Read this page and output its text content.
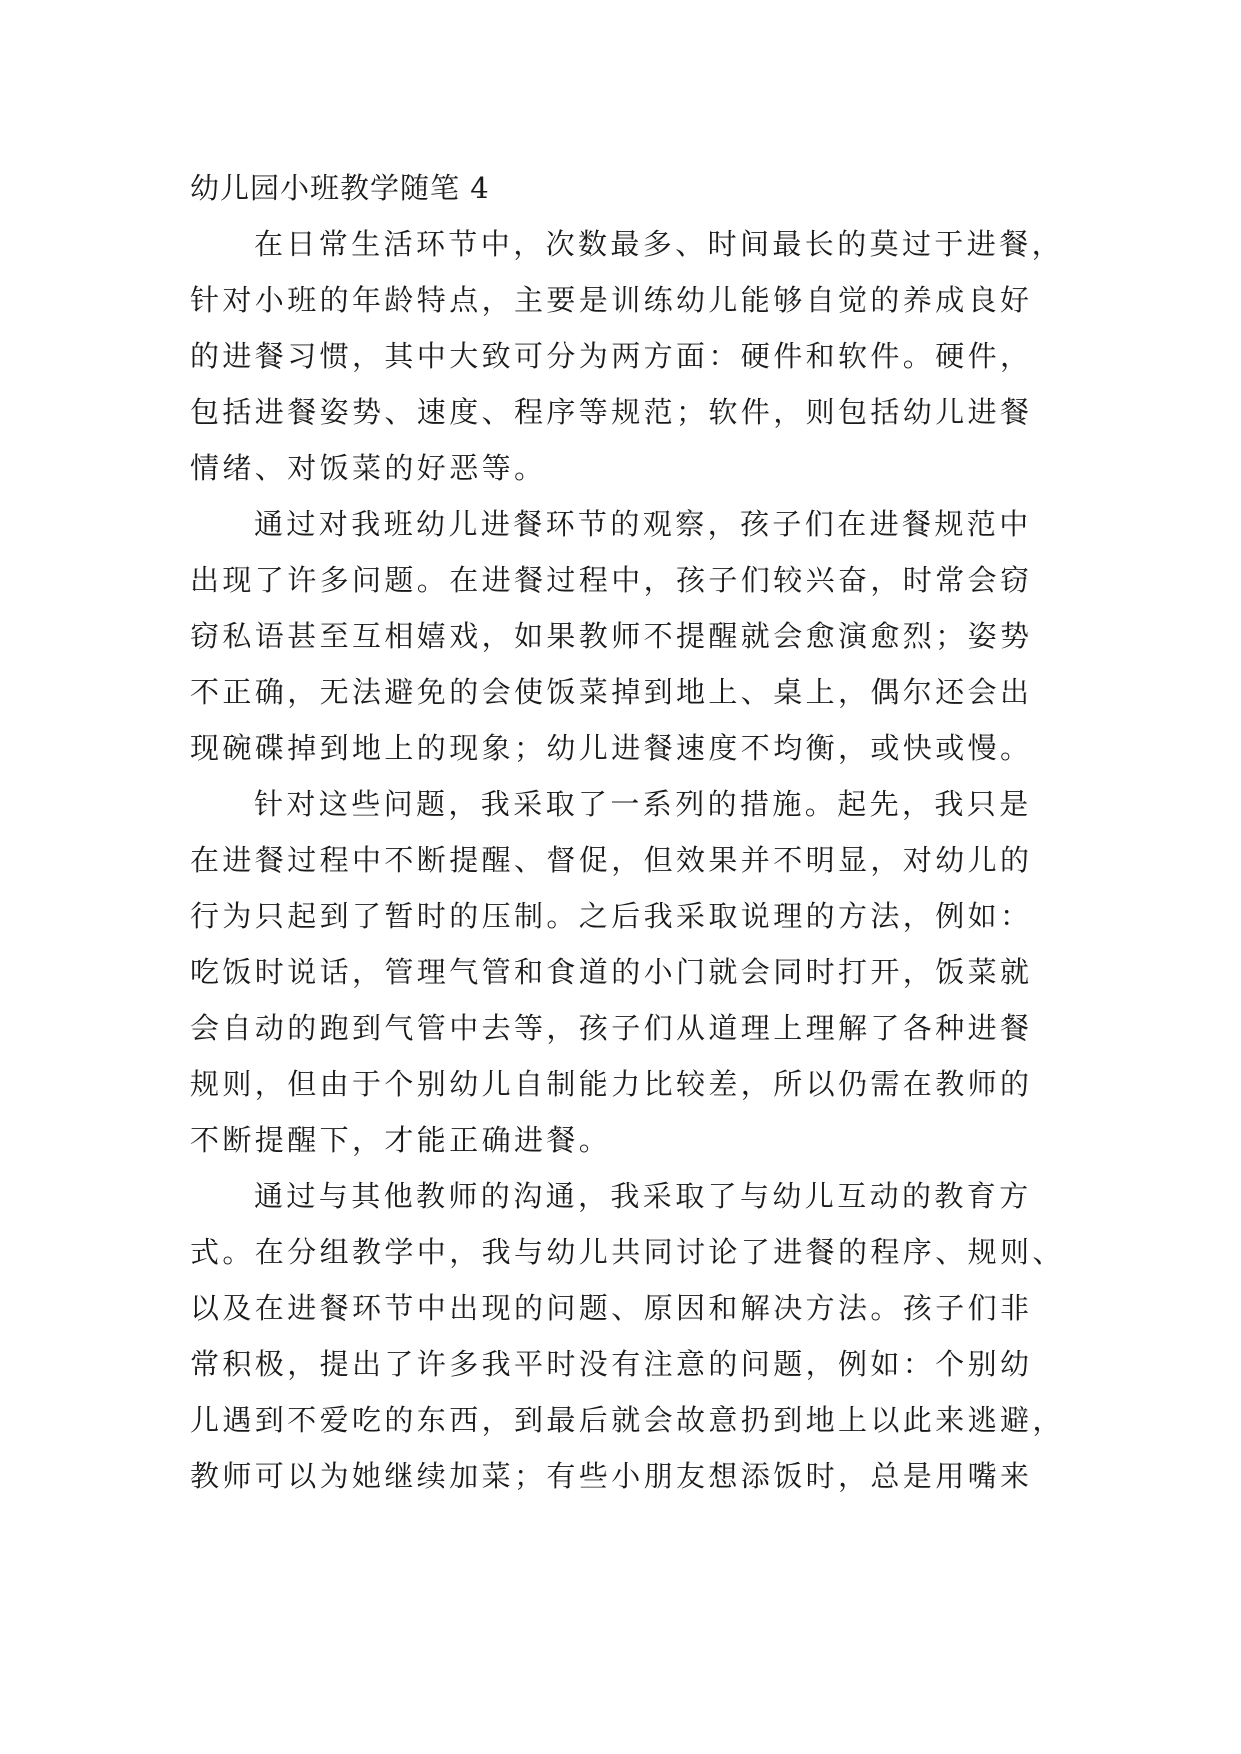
幼儿园小班教学随笔 4

在日常生活环节中，次数最多、时间最长的莫过于进餐，

针对小班的年龄特点，主要是训练幼儿能够自觉的养成良好

的进餐习惯，其中大致可分为两方面：硬件和软件。硬件，

包括进餐姿势、速度、程序等规范；软件，则包括幼儿进餐

情绪、对饭菜的好恶等。

通过对我班幼儿进餐环节的观察，孩子们在进餐规范中

出现了许多问题。在进餐过程中，孩子们较兴奋，时常会窃

窃私语甚至互相嬉戏，如果教师不提醒就会愈演愈烈；姿势

不正确，无法避免的会使饭菜掉到地上、桌上，偶尔还会出

现碗碟掉到地上的现象；幼儿进餐速度不均衡，或快或慢。

针对这些问题，我采取了一系列的措施。起先，我只是

在进餐过程中不断提醒、督促，但效果并不明显，对幼儿的

行为只起到了暂时的压制。之后我采取说理的方法，例如：

吃饭时说话，管理气管和食道的小门就会同时打开，饭菜就

会自动的跑到气管中去等，孩子们从道理上理解了各种进餐

规则，但由于个别幼儿自制能力比较差，所以仍需在教师的

不断提醒下，才能正确进餐。

通过与其他教师的沟通，我采取了与幼儿互动的教育方

式。在分组教学中，我与幼儿共同讨论了进餐的程序、规则、

以及在进餐环节中出现的问题、原因和解决方法。孩子们非

常积极，提出了许多我平时没有注意的问题，例如：个别幼

儿遇到不爱吃的东西，到最后就会故意扔到地上以此来逃避，

教师可以为她继续加菜；有些小朋友想添饭时，总是用嘴来
